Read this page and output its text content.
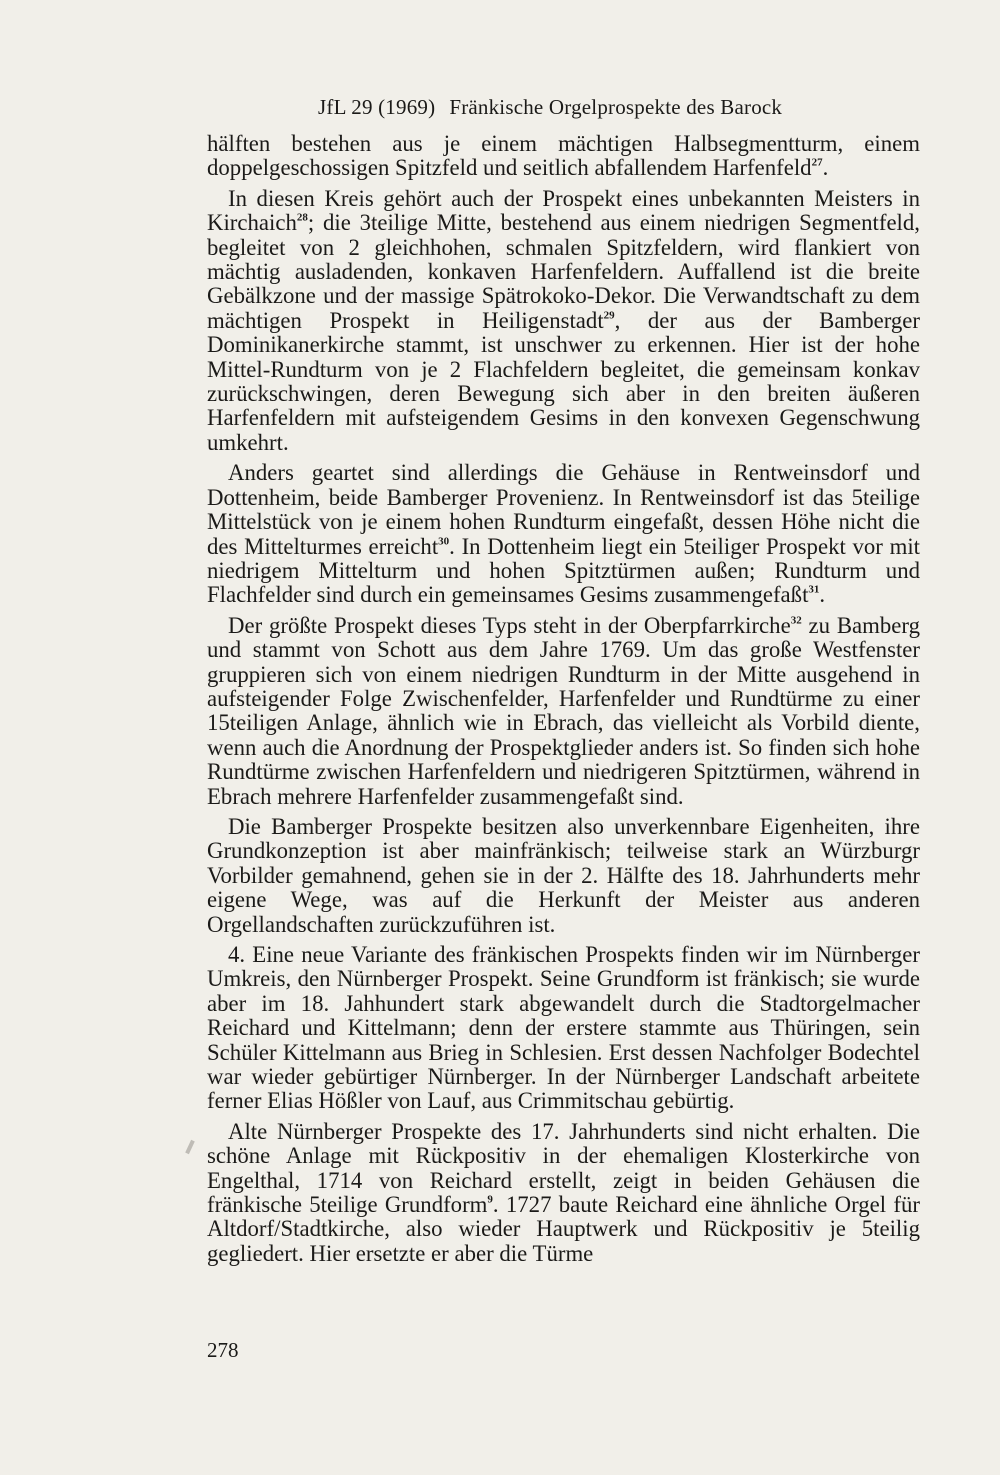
JfL 29 (1969) Fränkische Orgelprospekte des Barock

hälften bestehen aus je einem mächtigen Halbsegmentturm, einem doppelgeschossigen Spitzfeld und seitlich abfallendem Harfenfeld$^{27}$.

In diesen Kreis gehört auch der Prospekt eines unbekannten Meisters in Kirchaich$^{28}$; die 3teilige Mitte, bestehend aus einem niedrigen Segmentfeld, begleitet von 2 gleichhohen, schmalen Spitzfeldern, wird flankiert von mächtig ausladenden, konkaven Harfenfeldern. Auffallend ist die breite Gebälkzone und der massige Spätrokoko-Dekor. Die Verwandtschaft zu dem mächtigen Prospekt in Heiligenstadt$^{29}$, der aus der Bamberger Dominikanerkirche stammt, ist unschwer zu erkennen. Hier ist der hohe Mittel-Rundturm von je 2 Flachfeldern begleitet, die gemeinsam konkav zurückschwingen, deren Bewegung sich aber in den breiten äußeren Harfenfeldern mit aufsteigendem Gesims in den konvexen Gegenschwung umkehrt.

Anders geartet sind allerdings die Gehäuse in Rentweinsdorf und Dottenheim, beide Bamberger Provenienz. In Rentweinsdorf ist das 5teilige Mittelstück von je einem hohen Rundturm eingefaßt, dessen Höhe nicht die des Mittelturmes erreicht$^{30}$. In Dottenheim liegt ein 5teiliger Prospekt vor mit niedrigem Mittelturm und hohen Spitztürmen außen; Rundturm und Flachfelder sind durch ein gemeinsames Gesims zusammengefaßt$^{31}$.

Der größte Prospekt dieses Typs steht in der Oberpfarrkirche$^{32}$ zu Bamberg und stammt von Schott aus dem Jahre 1769. Um das große Westfenster gruppieren sich von einem niedrigen Rundturm in der Mitte ausgehend in aufsteigender Folge Zwischenfelder, Harfenfelder und Rundtürme zu einer 15teiligen Anlage, ähnlich wie in Ebrach, das vielleicht als Vorbild diente, wenn auch die Anordnung der Prospektglieder anders ist. So finden sich hohe Rundtürme zwischen Harfenfeldern und niedrigeren Spitztürmen, während in Ebrach mehrere Harfenfelder zusammengefaßt sind.

Die Bamberger Prospekte besitzen also unverkennbare Eigenheiten, ihre Grundkonzeption ist aber mainfränkisch; teilweise stark an Würzburgr Vorbilder gemahnend, gehen sie in der 2. Hälfte des 18. Jahrhunderts mehr eigene Wege, was auf die Herkunft der Meister aus anderen Orgellandschaften zurückzuführen ist.

4. Eine neue Variante des fränkischen Prospekts finden wir im Nürnberger Umkreis, den Nürnberger Prospekt. Seine Grundform ist fränkisch; sie wurde aber im 18. Jahhundert stark abgewandelt durch die Stadtorgelmacher Reichard und Kittelmann; denn der erstere stammte aus Thüringen, sein Schüler Kittelmann aus Brieg in Schlesien. Erst dessen Nachfolger Bodechtel war wieder gebürtiger Nürnberger. In der Nürnberger Landschaft arbeitete ferner Elias Hößler von Lauf, aus Crimmitschau gebürtig.

Alte Nürnberger Prospekte des 17. Jahrhunderts sind nicht erhalten. Die schöne Anlage mit Rückpositiv in der ehemaligen Klosterkirche von Engelthal, 1714 von Reichard erstellt, zeigt in beiden Gehäusen die fränkische 5teilige Grundform$^9$. 1727 baute Reichard eine ähnliche Orgel für Altdorf/Stadtkirche, also wieder Hauptwerk und Rückpositiv je 5teilig gegliedert. Hier ersetzte er aber die Türme

278
